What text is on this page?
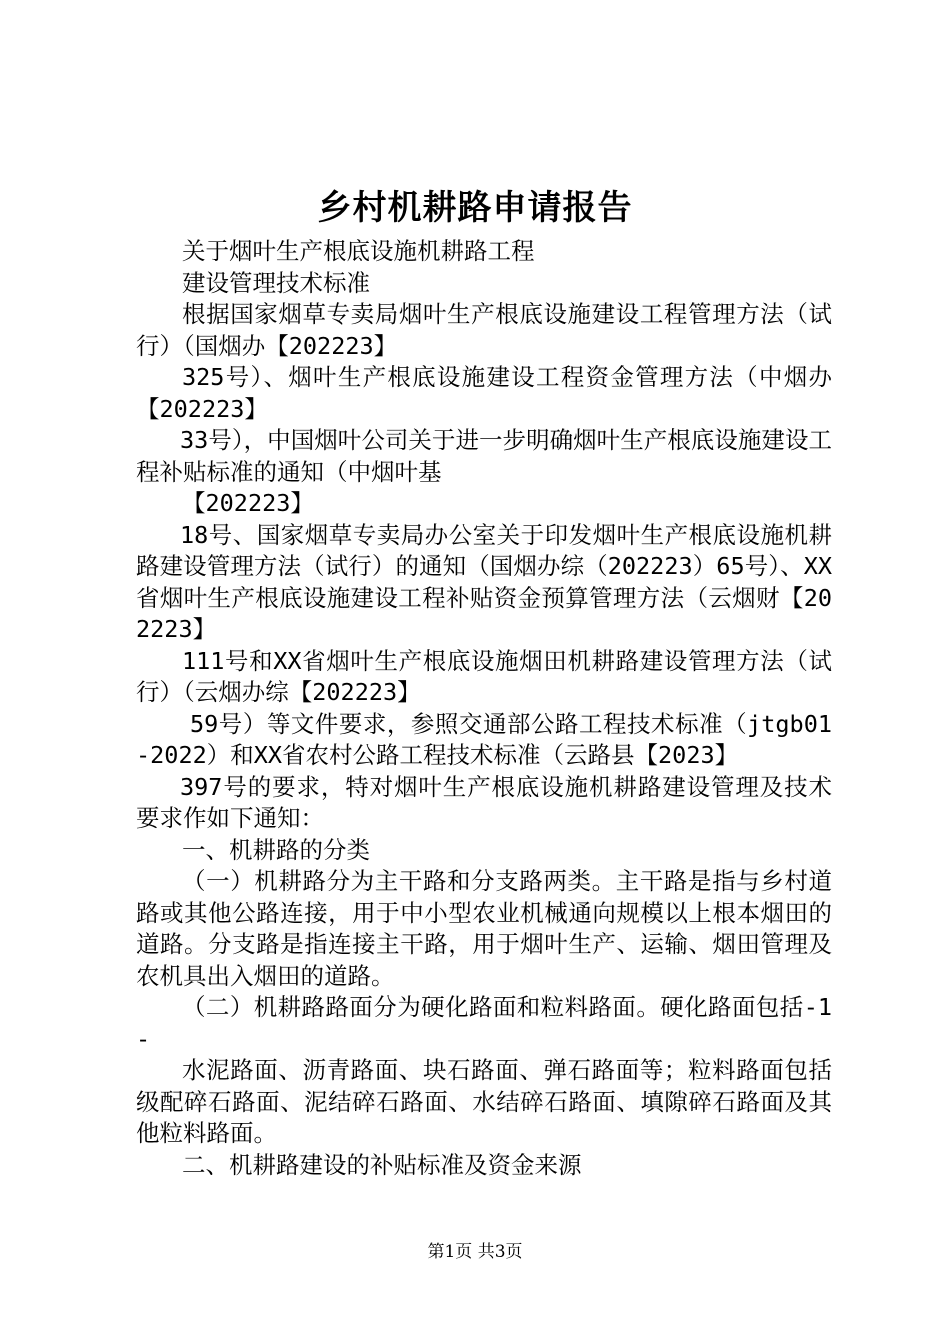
乡村机耕路申请报告

关于烟叶生产根底设施机耕路工程

建设管理技术标准

根据国家烟草专卖局烟叶生产根底设施建设工程管理方法（试行）（国烟办【202223】

325号）、烟叶生产根底设施建设工程资金管理方法（中烟办【202223】

33号），中国烟叶公司关于进一步明确烟叶生产根底设施建设工程补贴标准的通知（中烟叶基

【202223】

18号、国家烟草专卖局办公室关于印发烟叶生产根底设施机耕路建设管理方法（试行）的通知（国烟办综（202223）65号）、XX省烟叶生产根底设施建设工程补贴资金预算管理方法（云烟财【202223】

111号和XX省烟叶生产根底设施烟田机耕路建设管理方法（试行）（云烟办综【202223】

59号）等文件要求，参照交通部公路工程技术标准（jtgb01-2022）和XX省农村公路工程技术标准（云路县【2023】

397号的要求，特对烟叶生产根底设施机耕路建设管理及技术要求作如下通知：

一、机耕路的分类

（一）机耕路分为主干路和分支路两类。主干路是指与乡村道路或其他公路连接，用于中小型农业机械通向规模以上根本烟田的道路。分支路是指连接主干路，用于烟叶生产、运输、烟田管理及农机具出入烟田的道路。

（二）机耕路路面分为硬化路面和粒料路面。硬化路面包括-1-

水泥路面、沥青路面、块石路面、弹石路面等；粒料路面包括级配碎石路面、泥结碎石路面、水结碎石路面、填隙碎石路面及其他粒料路面。

二、机耕路建设的补贴标准及资金来源

第1页 共3页
